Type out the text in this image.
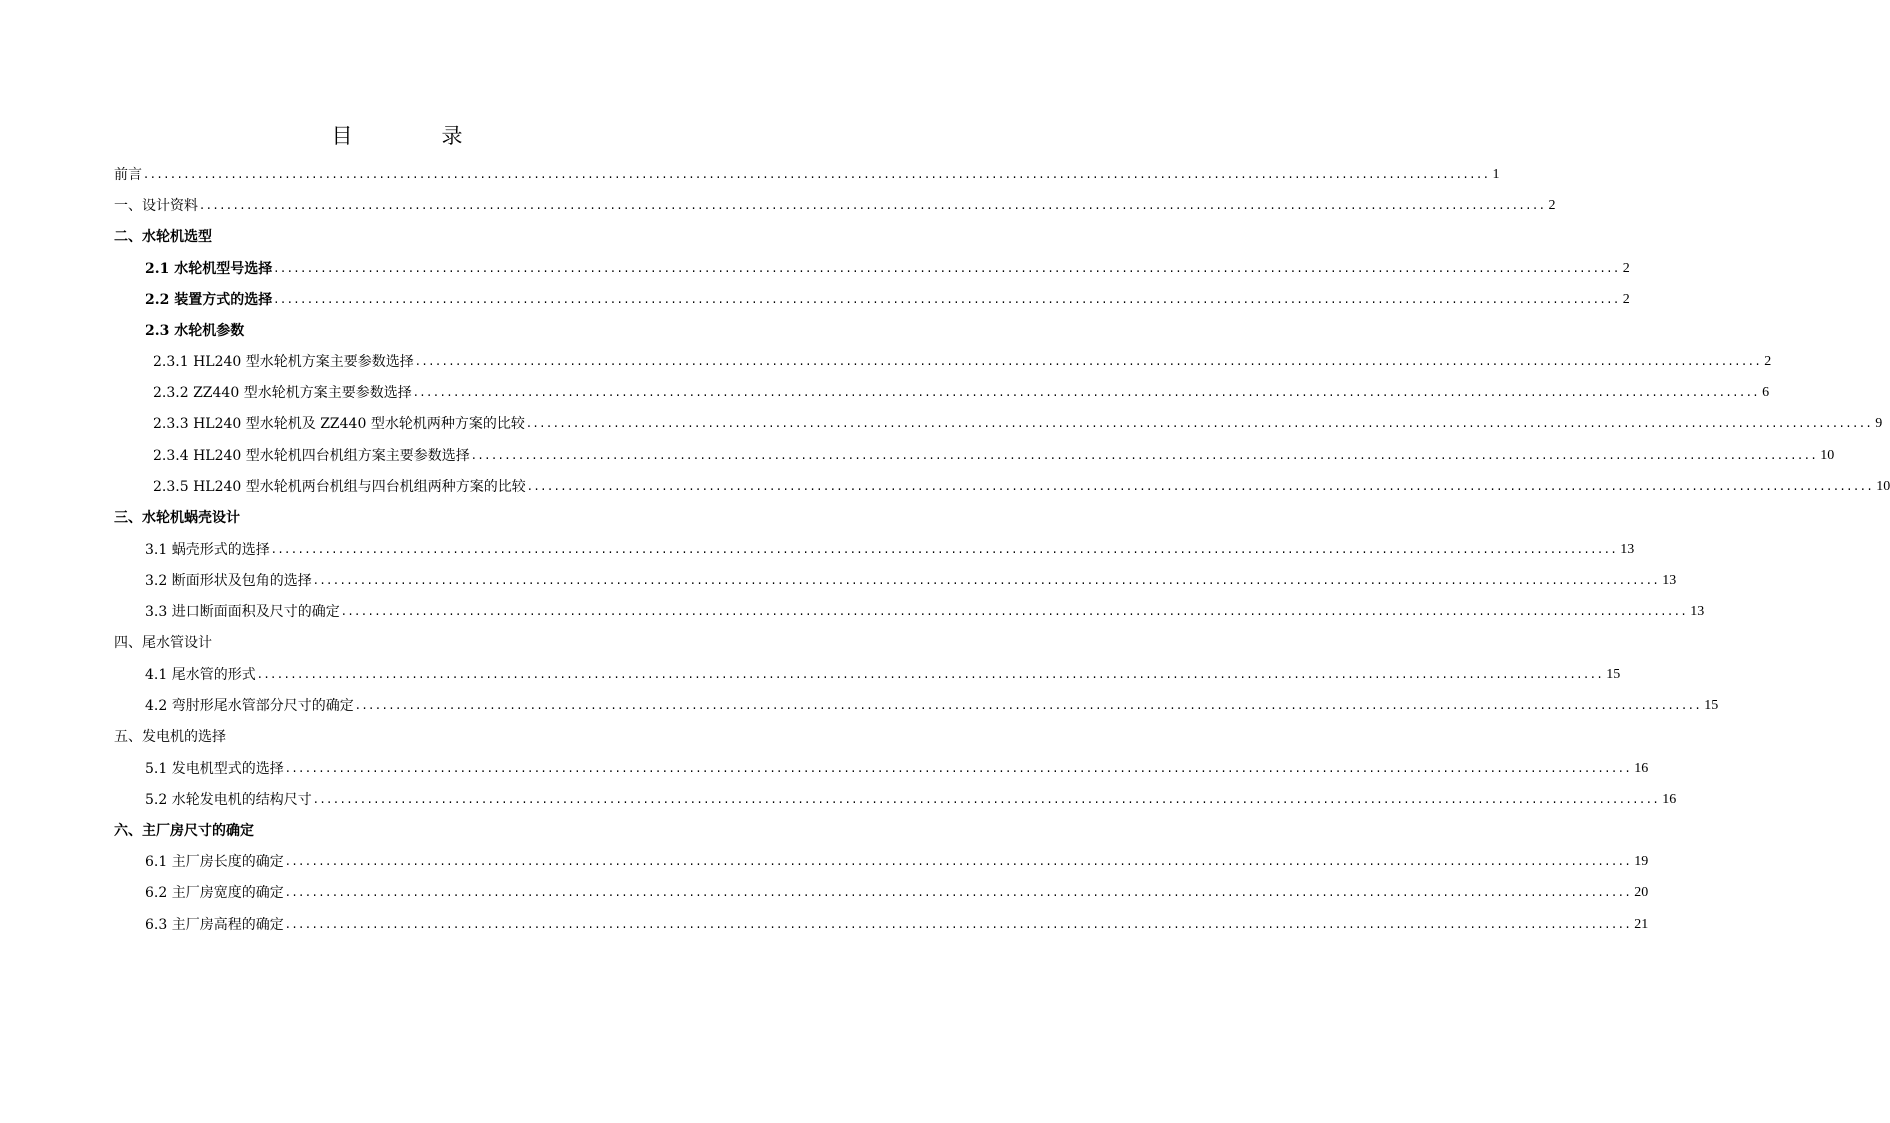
目　录
前言 ........................................................................................................................................................................................................ 1
一、设计资料 ........................................................................................................................................................................................................ 2
二、水轮机选型
2.1 水轮机型号选择 ........................................................................................................................................................................................................ 2
2.2 装置方式的选择 ........................................................................................................................................................................................................ 2
2.3 水轮机参数
2.3.1 HL240 型水轮机方案主要参数选择 ........................................................................................................................................................................................................ 2
2.3.2 ZZ440 型水轮机方案主要参数选择 ........................................................................................................................................................................................................ 6
2.3.3 HL240 型水轮机及 ZZ440 型水轮机两种方案的比较 ........................................................................................................................................................................................................ 9
2.3.4 HL240 型水轮机四台机组方案主要参数选择 ........................................................................................................................................................................................................ 10
2.3.5 HL240 型水轮机两台机组与四台机组两种方案的比较 ........................................................................................................................................................................................................ 10
三、水轮机蜗壳设计
3.1 蜗壳形式的选择 ........................................................................................................................................................................................................ 13
3.2 断面形状及包角的选择 ........................................................................................................................................................................................................ 13
3.3 进口断面面积及尺寸的确定 ........................................................................................................................................................................................................ 13
四、尾水管设计
4.1 尾水管的形式 ........................................................................................................................................................................................................ 15
4.2 弯肘形尾水管部分尺寸的确定 ........................................................................................................................................................................................................ 15
五、发电机的选择
5.1 发电机型式的选择 ........................................................................................................................................................................................................ 16
5.2 水轮发电机的结构尺寸 ........................................................................................................................................................................................................ 16
六、主厂房尺寸的确定
6.1 主厂房长度的确定 ........................................................................................................................................................................................................ 19
6.2 主厂房宽度的确定 ........................................................................................................................................................................................................ 20
6.3 主厂房高程的确定 ........................................................................................................................................................................................................ 21
